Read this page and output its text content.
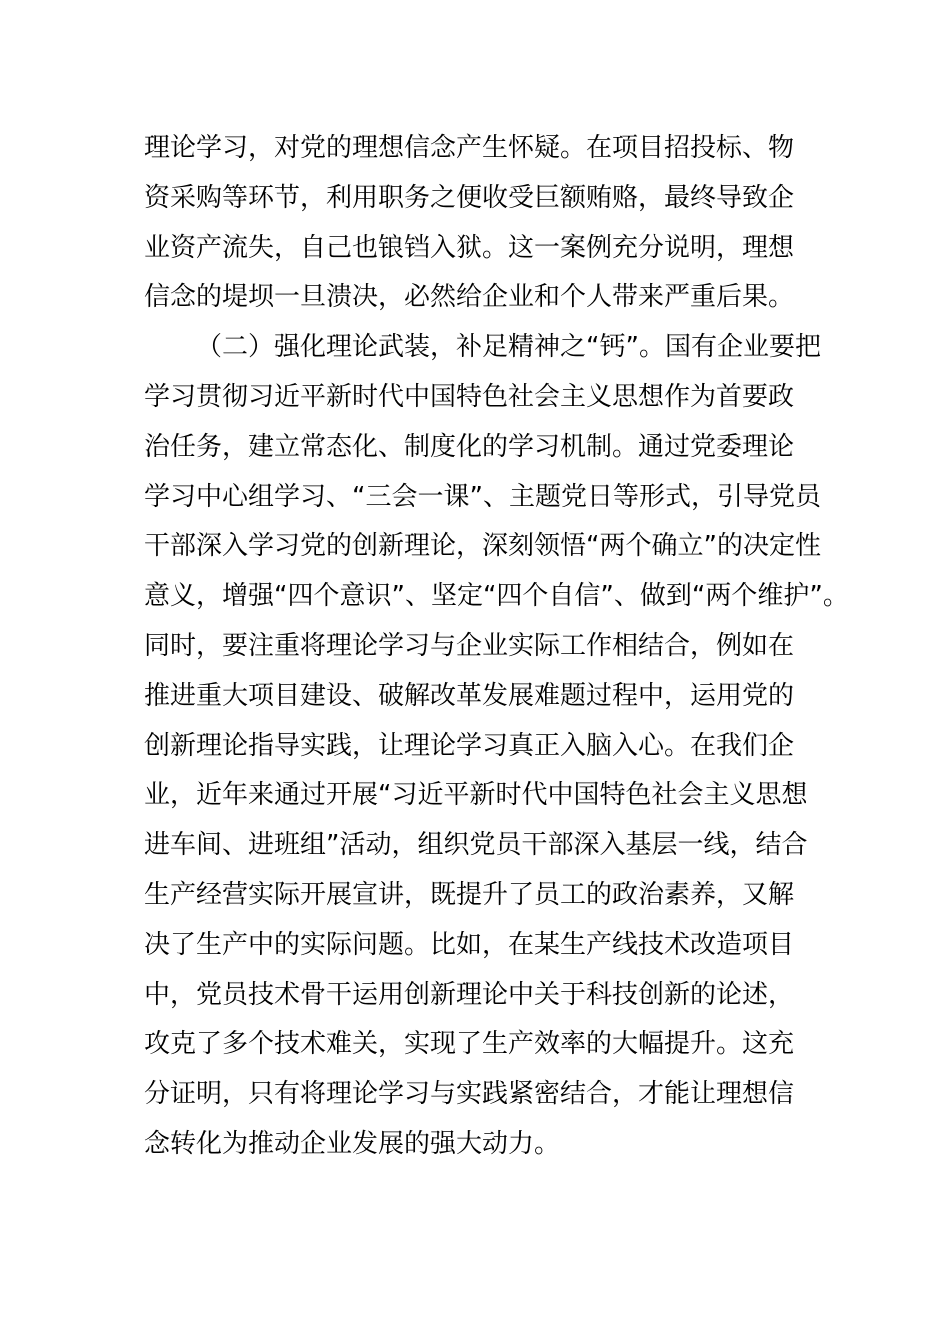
理论学习，对党的理想信念产生怀疑。在项目招投标、物
资采购等环节，利用职务之便收受巨额贿赂，最终导致企
业资产流失，自己也锒铛入狱。这一案例充分说明，理想
信念的堤坝一旦溃决，必然给企业和个人带来严重后果。
（二）强化理论武装，补足精神之“钙”。国有企业要把
学习贯彻习近平新时代中国特色社会主义思想作为首要政
治任务，建立常态化、制度化的学习机制。通过党委理论
学习中心组学习、“三会一课”、主题党日等形式，引导党员
干部深入学习党的创新理论，深刻领悟“两个确立”的决定性
意义，增强“四个意识”、坚定“四个自信”、做到“两个维护”。
同时，要注重将理论学习与企业实际工作相结合，例如在
推进重大项目建设、破解改革发展难题过程中，运用党的
创新理论指导实践，让理论学习真正入脑入心。在我们企
业，近年来通过开展“习近平新时代中国特色社会主义思想
进车间、进班组”活动，组织党员干部深入基层一线，结合
生产经营实际开展宣讲，既提升了员工的政治素养，又解
决了生产中的实际问题。比如，在某生产线技术改造项目
中，党员技术骨干运用创新理论中关于科技创新的论述，
攻克了多个技术难关，实现了生产效率的大幅提升。这充
分证明，只有将理论学习与实践紧密结合，才能让理想信
念转化为推动企业发展的强大动力。
